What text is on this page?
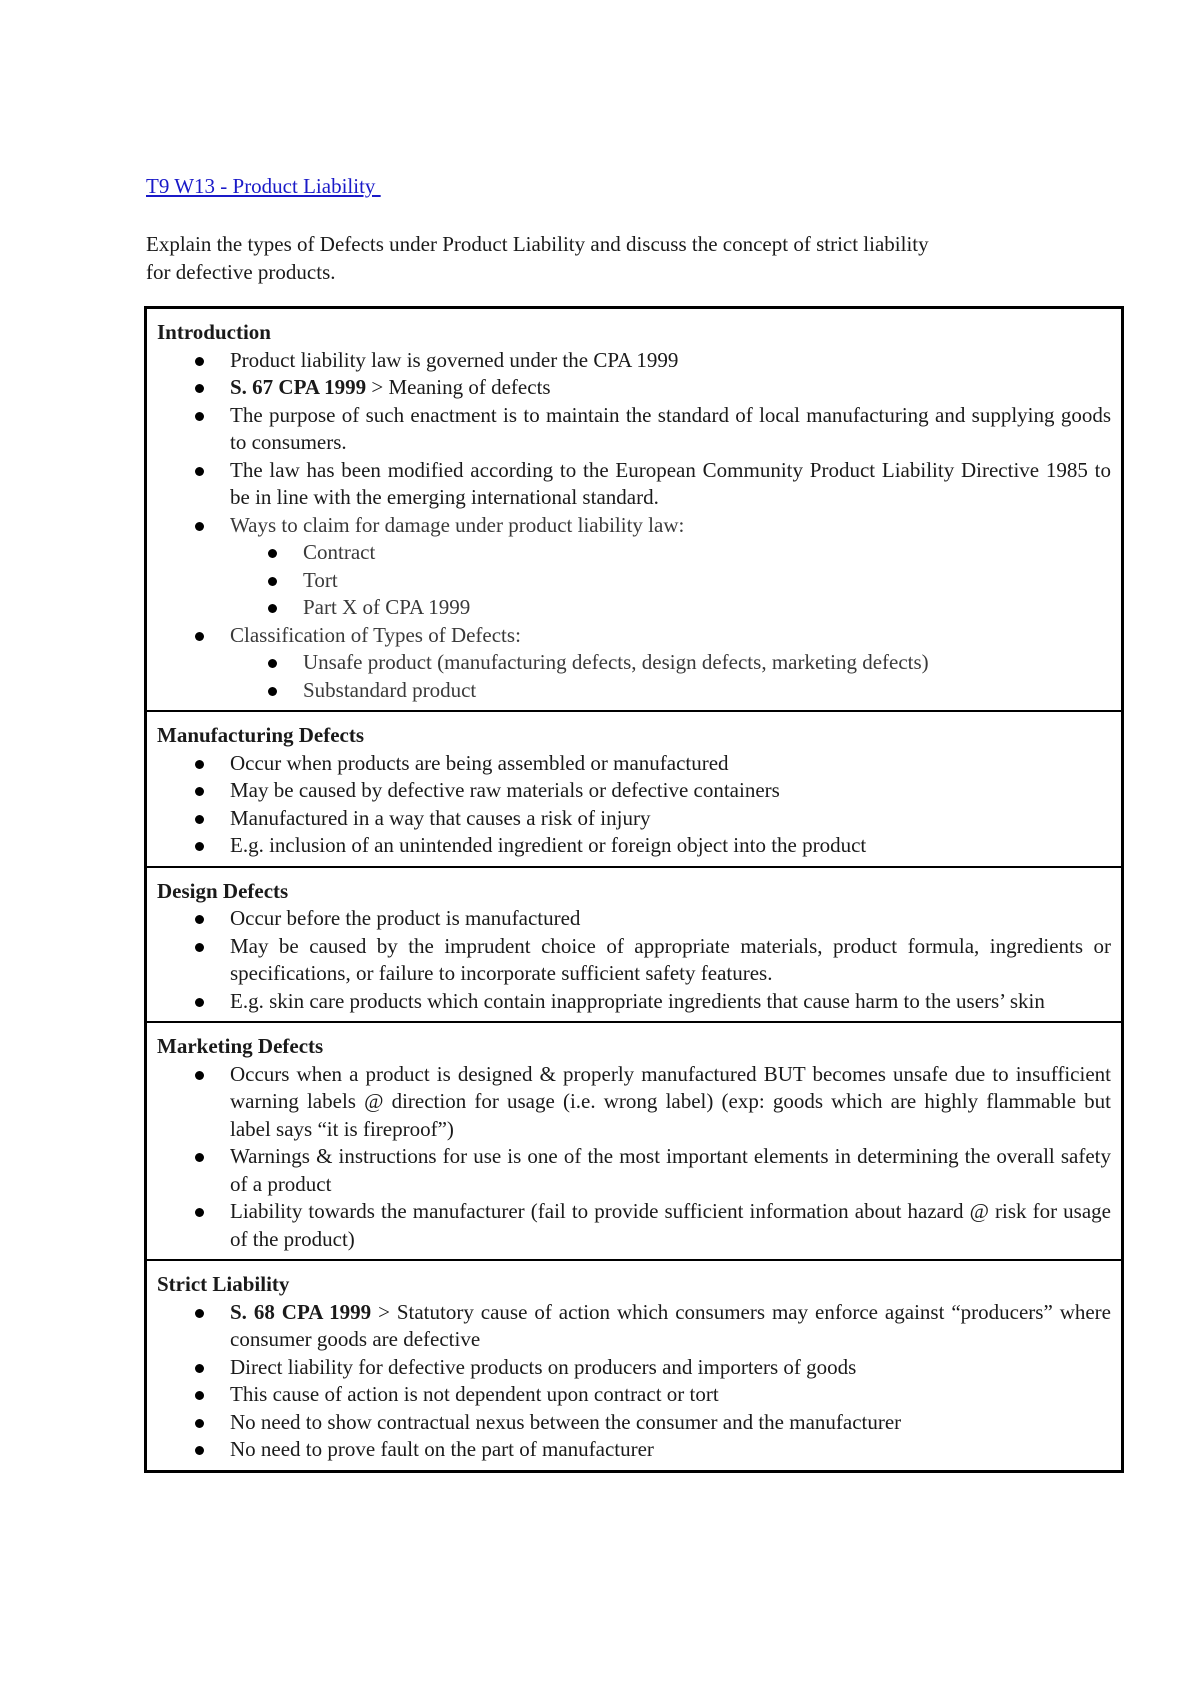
T9 W13 - Product Liability
Explain the types of Defects under Product Liability and discuss the concept of strict liability
for defective products.
Introduction
Product liability law is governed under the CPA 1999
S. 67 CPA 1999 > Meaning of defects
The purpose of such enactment is to maintain the standard of local manufacturing and supplying goods to consumers.
The law has been modified according to the European Community Product Liability Directive 1985 to be in line with the emerging international standard.
Ways to claim for damage under product liability law:
Contract
Tort
Part X of CPA 1999
Classification of Types of Defects:
Unsafe product (manufacturing defects, design defects, marketing defects)
Substandard product
Manufacturing Defects
Occur when products are being assembled or manufactured
May be caused by defective raw materials or defective containers
Manufactured in a way that causes a risk of injury
E.g. inclusion of an unintended ingredient or foreign object into the product
Design Defects
Occur before the product is manufactured
May be caused by the imprudent choice of appropriate materials, product formula, ingredients or specifications, or failure to incorporate sufficient safety features.
E.g. skin care products which contain inappropriate ingredients that cause harm to the users’ skin
Marketing Defects
Occurs when a product is designed & properly manufactured BUT becomes unsafe due to insufficient warning labels @ direction for usage (i.e. wrong label) (exp: goods which are highly flammable but label says “it is fireproof”)
Warnings & instructions for use is one of the most important elements in determining the overall safety of a product
Liability towards the manufacturer (fail to provide sufficient information about hazard @ risk for usage of the product)
Strict Liability
S. 68 CPA 1999 > Statutory cause of action which consumers may enforce against “producers” where consumer goods are defective
Direct liability for defective products on producers and importers of goods
This cause of action is not dependent upon contract or tort
No need to show contractual nexus between the consumer and the manufacturer
No need to prove fault on the part of manufacturer
